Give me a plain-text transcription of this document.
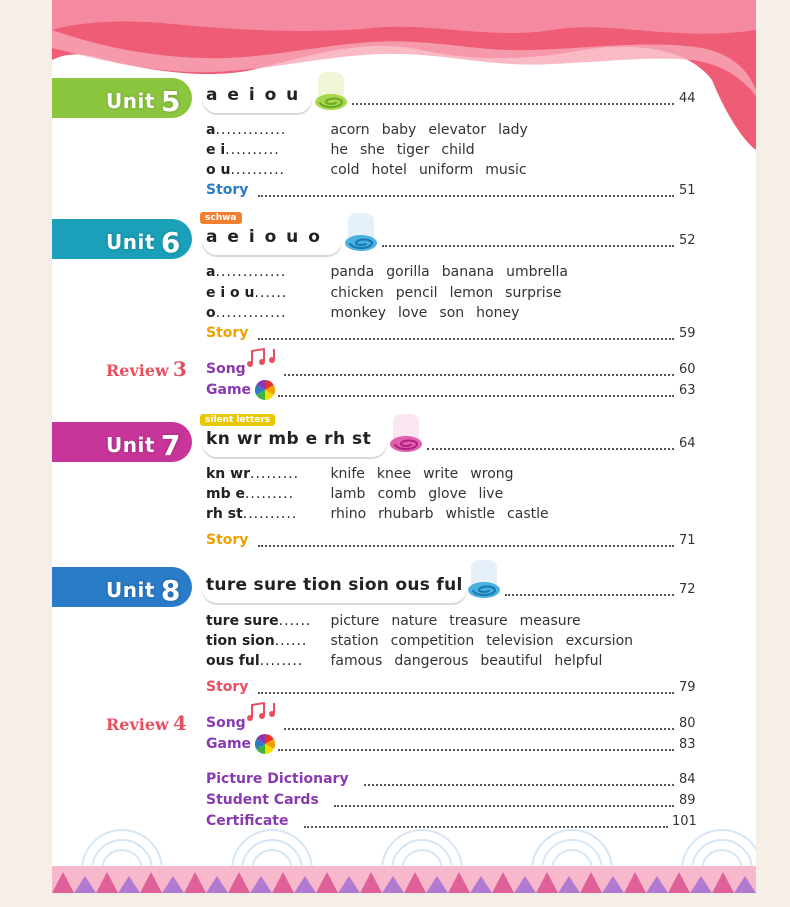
Unit 5 a e i o u	44
a.............	acorn baby elevator lady
e i..........	he she tiger child
o u..........	cold hotel uniform music
Story	51
schwa
Unit 6 a e i o u o	52
a.............	panda gorilla banana umbrella
e i o u......	chicken pencil lemon surprise
o.............	monkey love son honey
Story	59
Review 3 Song	60
Game	63
silent letters
Unit 7 kn wr mb e rh st	64
kn wr......... knife knee write wrong
mb e.........	lamb comb glove live
rh st.......... rhino rhubarb whistle castle
Story	71
Unit 8 ture sure tion sion ous ful	72
ture sure...... picture nature treasure measure
tion sion...... station competition television excursion
ous ful........ famous dangerous beautiful helpful
Story	79
Review 4 Song	80
Game	83
Picture Dictionary	84
Student Cards	89
Certificate	101
